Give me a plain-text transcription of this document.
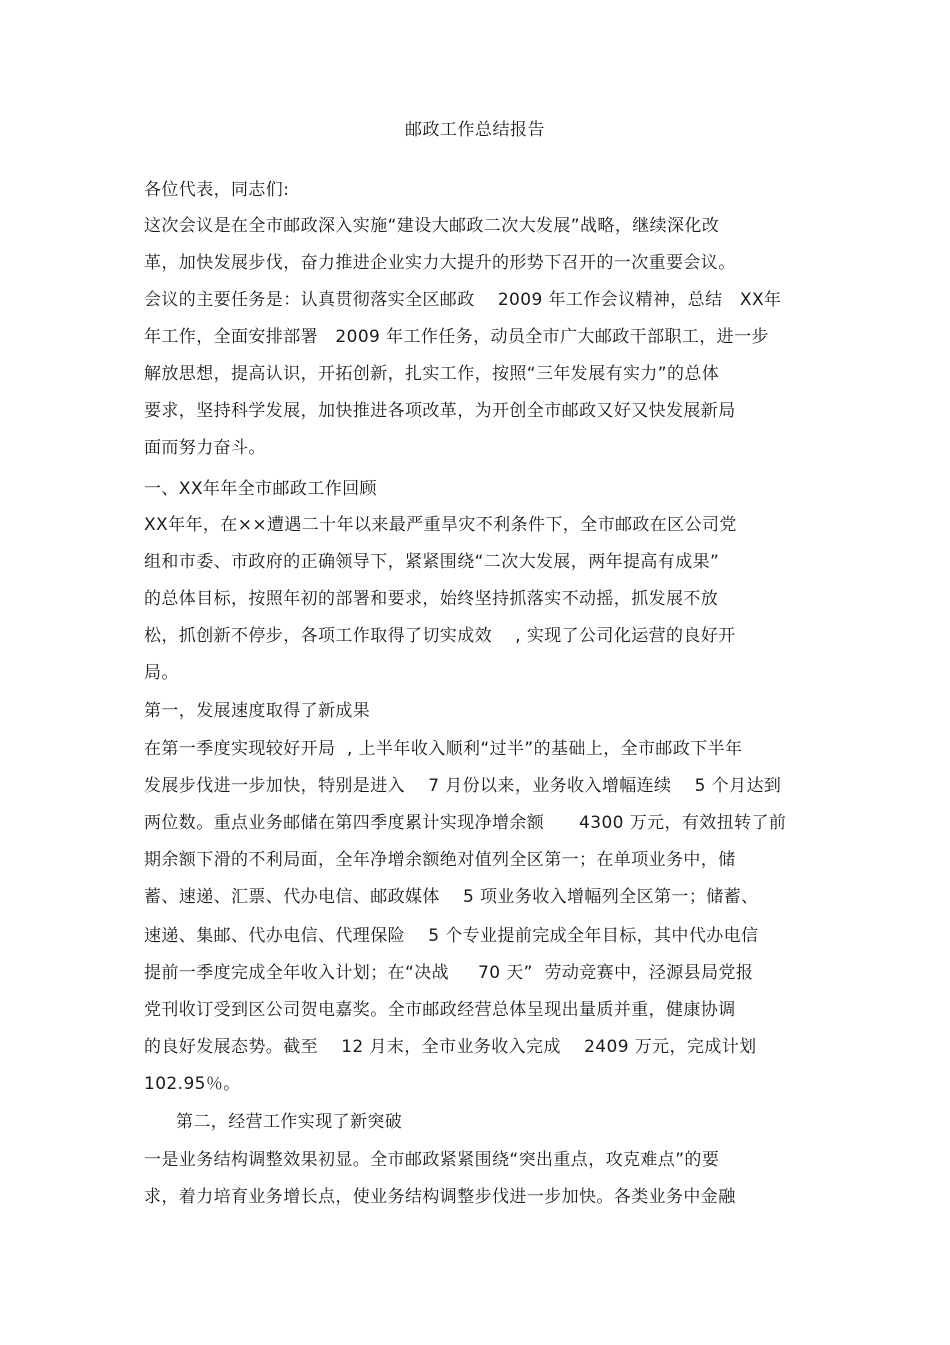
邮政工作总结报告
各位代表，同志们:
这次会议是在全市邮政深入实施“建设大邮政二次大发展”战略，继续深化改
革，加快发展步伐，奋力推进企业实力大提升的形势下召开的一次重要会议。
会议的主要任务是：认真贯彻落实全区邮政    2009 年工作会议精神，总结   XX年
年工作，全面安排部署   2009 年工作任务，动员全市广大邮政干部职工，进一步
解放思想，提高认识，开拓创新，扎实工作，按照“三年发展有实力”的总体
要求，坚持科学发展，加快推进各项改革，为开创全市邮政又好又快发展新局
面而努力奋斗。
一、XX年年全市邮政工作回顾
XX年年，在××遭遇二十年以来最严重旱灾不利条件下，全市邮政在区公司党
组和市委、市政府的正确领导下，紧紧围绕“二次大发展，两年提高有成果”
的总体目标，按照年初的部署和要求，始终坚持抓落实不动摇，抓发展不放
松，抓创新不停步，各项工作取得了切实成效    , 实现了公司化运营的良好开
局。
第一，发展速度取得了新成果
在第一季度实现较好开局  , 上半年收入顺利“过半”的基础上，全市邮政下半年
发展步伐进一步加快，特别是进入    7 月份以来，业务收入增幅连续    5 个月达到
两位数。重点业务邮储在第四季度累计实现净增余额      4300 万元，有效扭转了前
期余额下滑的不利局面，全年净增余额绝对值列全区第一；在单项业务中，储
蓄、速递、汇票、代办电信、邮政媒体    5 项业务收入增幅列全区第一；储蓄、
速递、集邮、代办电信、代理保险    5 个专业提前完成全年目标，其中代办电信
提前一季度完成全年收入计划；在“决战     70 天”  劳动竞赛中，泾源县局党报
党刊收订受到区公司贺电嘉奖。全市邮政经营总体呈现出量质并重，健康协调
的良好发展态势。截至    12 月末，全市业务收入完成    2409 万元，完成计划
102.95％。
第二，经营工作实现了新突破
一是业务结构调整效果初显。全市邮政紧紧围绕“突出重点，攻克难点”的要
求，着力培育业务增长点，使业务结构调整步伐进一步加快。各类业务中金融
